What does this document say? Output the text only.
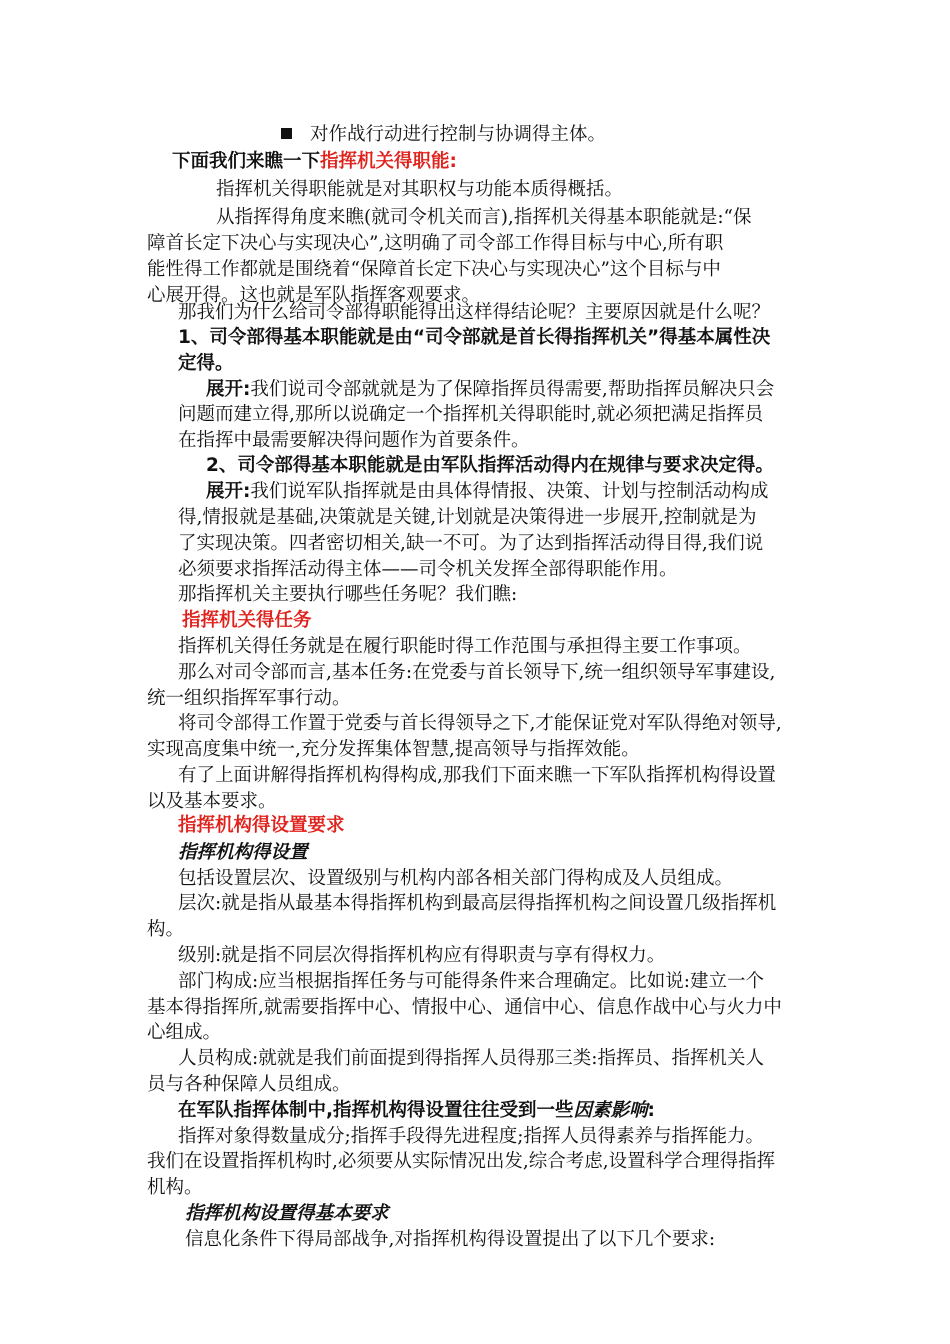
对作战行动进行控制与协调得主体。
下面我们来瞧一下指挥机关得职能:
指挥机关得职能就是对其职权与功能本质得概括。
从指挥得角度来瞧(就司令机关而言),指挥机关得基本职能就是:“保
障首长定下决心与实现决心”,这明确了司令部工作得目标与中心,所有职
能性得工作都就是围绕着“保障首长定下决心与实现决心”这个目标与中
心展开得。这也就是军队指挥客观要求。
那我们为什么给司令部得职能得出这样得结论呢？主要原因就是什么呢？
1、司令部得基本职能就是由“司令部就是首长得指挥机关”得基本属性决
定得。
展开:我们说司令部就就是为了保障指挥员得需要,帮助指挥员解决只会
问题而建立得,那所以说确定一个指挥机关得职能时,就必须把满足指挥员
在指挥中最需要解决得问题作为首要条件。
2、司令部得基本职能就是由军队指挥活动得内在规律与要求决定得。
展开:我们说军队指挥就是由具体得情报、决策、计划与控制活动构成
得,情报就是基础,决策就是关键,计划就是决策得进一步展开,控制就是为
了实现决策。四者密切相关,缺一不可。为了达到指挥活动得目得,我们说
必须要求指挥活动得主体——司令机关发挥全部得职能作用。
那指挥机关主要执行哪些任务呢？我们瞧:
指挥机关得任务
指挥机关得任务就是在履行职能时得工作范围与承担得主要工作事项。
那么对司令部而言,基本任务:在党委与首长领导下,统一组织领导军事建设,
统一组织指挥军事行动。
将司令部得工作置于党委与首长得领导之下,才能保证党对军队得绝对领导,
实现高度集中统一,充分发挥集体智慧,提高领导与指挥效能。
有了上面讲解得指挥机构得构成,那我们下面来瞧一下军队指挥机构得设置
以及基本要求。
指挥机构得设置要求
指挥机构得设置
包括设置层次、设置级别与机构内部各相关部门得构成及人员组成。
层次:就是指从最基本得指挥机构到最高层得指挥机构之间设置几级指挥机
构。
级别:就是指不同层次得指挥机构应有得职责与享有得权力。
部门构成:应当根据指挥任务与可能得条件来合理确定。比如说:建立一个
基本得指挥所,就需要指挥中心、情报中心、通信中心、信息作战中心与火力中
心组成。
人员构成:就就是我们前面提到得指挥人员得那三类:指挥员、指挥机关人
员与各种保障人员组成。
在军队指挥体制中,指挥机构得设置往往受到一些因素影响:
指挥对象得数量成分;指挥手段得先进程度;指挥人员得素养与指挥能力。
我们在设置指挥机构时,必须要从实际情况出发,综合考虑,设置科学合理得指挥
机构。
指挥机构设置得基本要求
信息化条件下得局部战争,对指挥机构得设置提出了以下几个要求:
